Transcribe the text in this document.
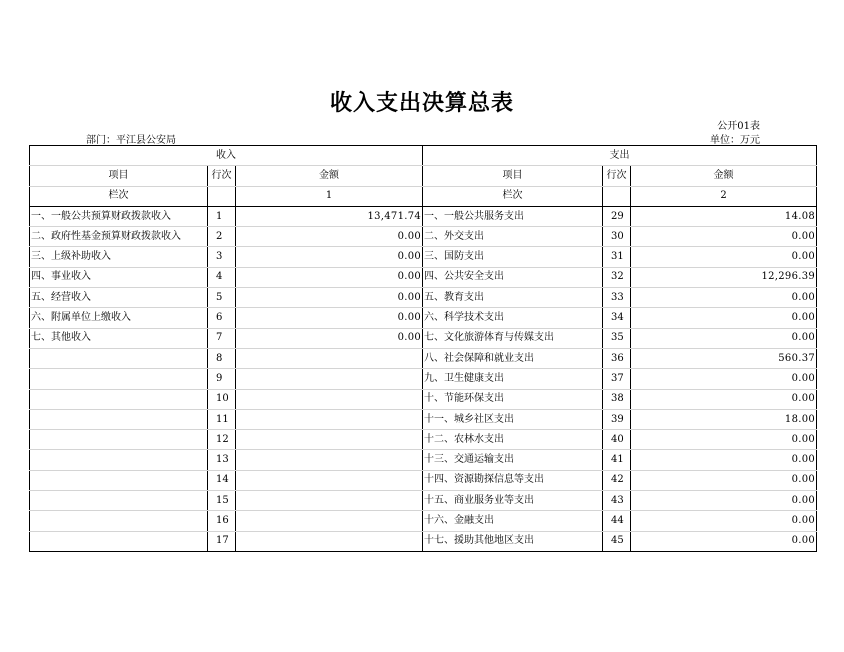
收入支出决算总表
公开01表
部门：平江县公安局	单位：万元
收入			支出		
项目	行次	金额	项目	行次	金额
栏次		1	栏次		2
一、一般公共预算财政拨款收入	1	13,471.74	一、一般公共服务支出	29	14.08
二、政府性基金预算财政拨款收入	2	0.00	二、外交支出	30	0.00
三、上级补助收入	3	0.00	三、国防支出	31	0.00
四、事业收入	4	0.00	四、公共安全支出	32	12,296.39
五、经营收入	5	0.00	五、教育支出	33	0.00
六、附属单位上缴收入	6	0.00	六、科学技术支出	34	0.00
七、其他收入	7	0.00	七、文化旅游体育与传媒支出	35	0.00
	8		八、社会保障和就业支出	36	560.37
	9		九、卫生健康支出	37	0.00
	10		十、节能环保支出	38	0.00
	11		十一、城乡社区支出	39	18.00
	12		十二、农林水支出	40	0.00
	13		十三、交通运输支出	41	0.00
	14		十四、资源勘探信息等支出	42	0.00
	15		十五、商业服务业等支出	43	0.00
	16		十六、金融支出	44	0.00
	17		十七、援助其他地区支出	45	0.00
